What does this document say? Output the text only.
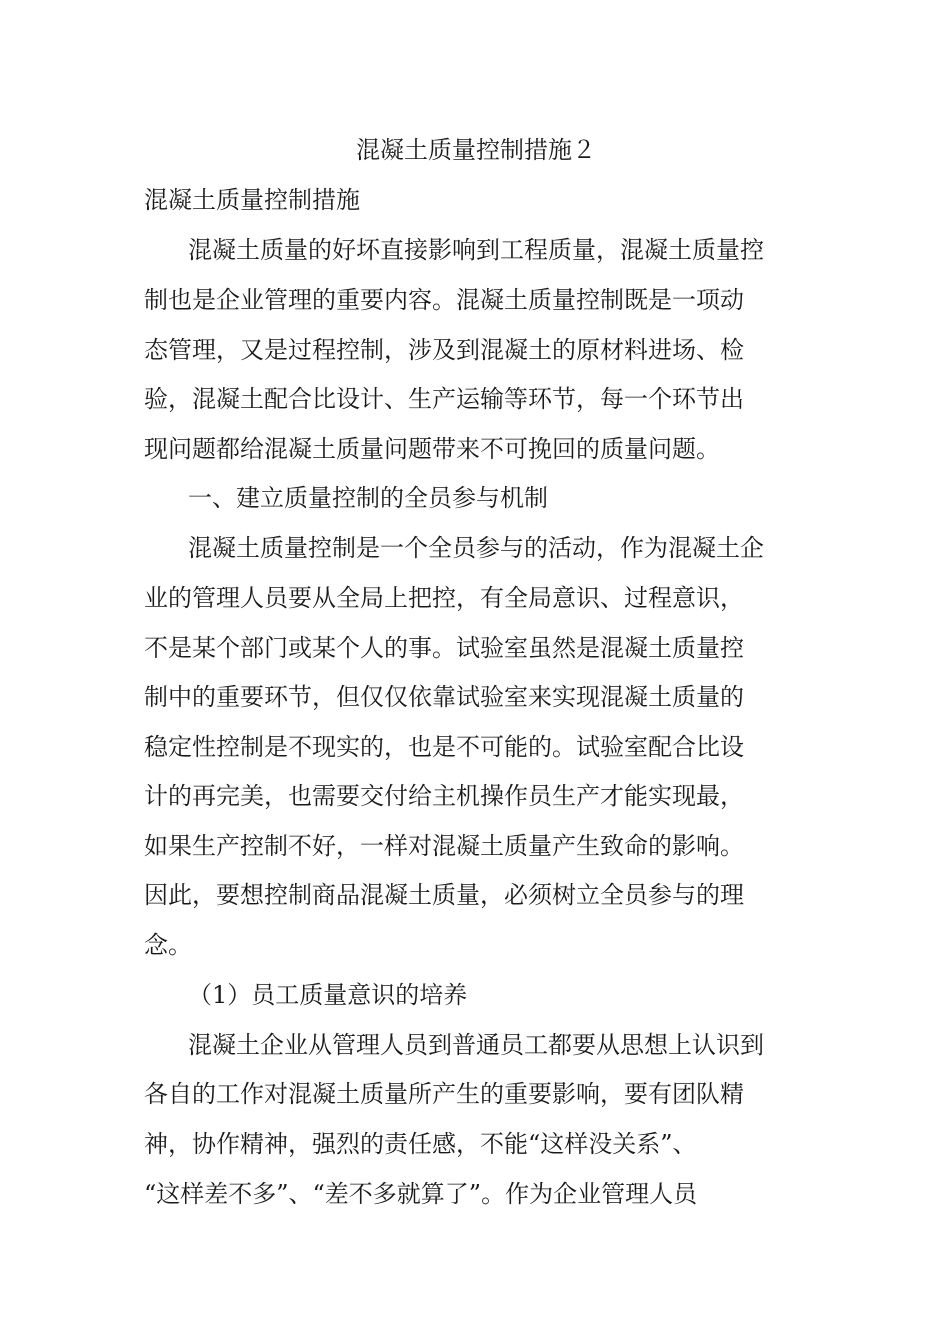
混凝土质量控制措施２
混凝土质量控制措施
混凝土质量的好坏直接影响到工程质量，混凝土质量控
制也是企业管理的重要内容。混凝土质量控制既是一项动
态管理，又是过程控制，涉及到混凝土的原材料进场、检
验，混凝土配合比设计、生产运输等环节，每一个环节出
现问题都给混凝土质量问题带来不可挽回的质量问题。
一、建立质量控制的全员参与机制
混凝土质量控制是一个全员参与的活动，作为混凝土企
业的管理人员要从全局上把控，有全局意识、过程意识，
不是某个部门或某个人的事。试验室虽然是混凝土质量控
制中的重要环节，但仅仅依靠试验室来实现混凝土质量的
稳定性控制是不现实的，也是不可能的。试验室配合比设
计的再完美，也需要交付给主机操作员生产才能实现最，
如果生产控制不好，一样对混凝土质量产生致命的影响。
因此，要想控制商品混凝土质量，必须树立全员参与的理
念。
（1）员工质量意识的培养
混凝土企业从管理人员到普通员工都要从思想上认识到
各自的工作对混凝土质量所产生的重要影响，要有团队精
神，协作精神，强烈的责任感，不能“这样没关系”、
“这样差不多”、“差不多就算了”。作为企业管理人员
